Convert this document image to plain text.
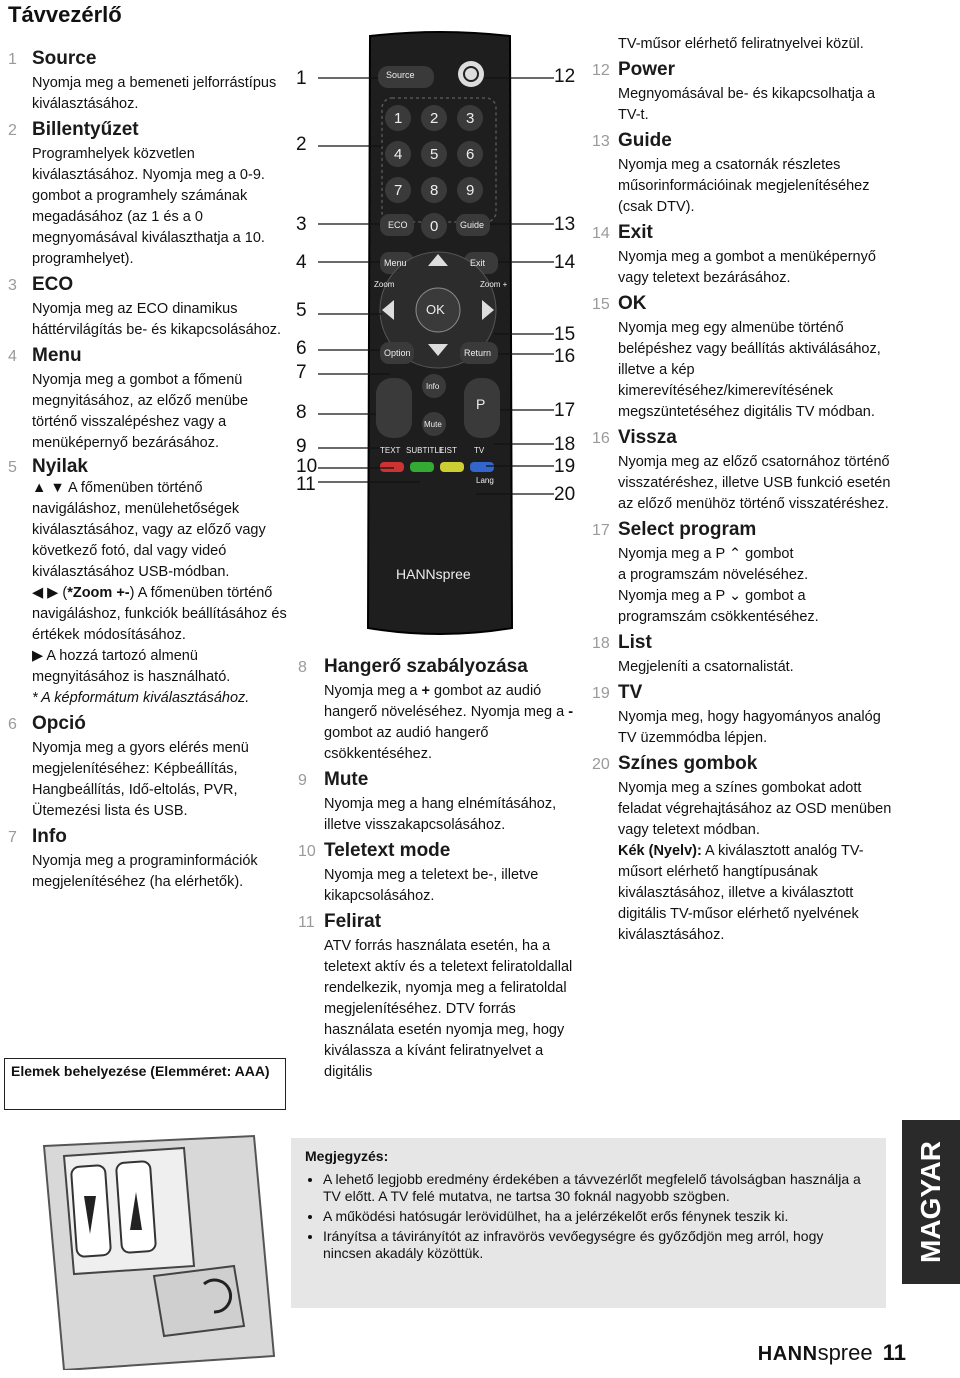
Távvezérlő
1 Source
Nyomja meg a bemeneti jelforrástípus kiválasztásához.
2 Billentyűzet
Programhelyek közvetlen kiválasztásához. Nyomja meg a 0-9. gombot a programhely számának megadásához (az 1 és a 0 megnyomásával kiválaszthatja a 10. programhelyet).
3 ECO
Nyomja meg az ECO dinamikus háttérvilágítás be- és kikapcsolásához.
4 Menu
Nyomja meg a gombot a főmenü megnyitásához, az előző menübe történő visszalépéshez vagy a menüképernyő bezárásához.
5 Nyilak
▲ ▼ A főmenüben történő navigáláshoz, menülehetőségek kiválasztásához, vagy az előző vagy következő fotó, dal vagy videó kiválasztásához USB-módban.
◀ ▶ (*Zoom +-) A főmenüben történő navigáláshoz, funkciók beállításához és értékek módosításához.
▶ A hozzá tartozó almenü megnyitásához is használható.
* A képformátum kiválasztásához.
6 Opció
Nyomja meg a gyors elérés menü megjelenítéséhez: Képbeállítás, Hangbeállítás, Idő-eltolás, PVR, Ütemezési lista és USB.
7 Info
Nyomja meg a programinformációk megjelenítéséhez (ha elérhetők).
Elemek behelyezése (Elemméret: AAA)
1
2
3
4
5
6
7
8
9
10
11
12
13
14
15
16
17
18
19
20
1 2 3
4 5 6
7 8 9
0
Source
ECO	Guide
Menu	Exit
Zoom	Zoom +
OK
Option	Return
Info
Mute
P
TEXT SUBTITLE
LIST TV
Lang
HANNspree
8 Hangerő szabályozása
Nyomja meg a + gombot az audió hangerő növeléséhez. Nyomja meg a - gombot az audió hangerő csökkentéséhez.
9 Mute
Nyomja meg a hang elnémításához, illetve visszakapcsolásához.
10 Teletext mode
Nyomja meg a teletext be-, illetve kikapcsolásához.
11 Felirat
ATV forrás használata esetén, ha a teletext aktív és a teletext feliratoldallal rendelkezik, nyomja meg a feliratoldal megjelenítéséhez. DTV forrás használata esetén nyomja meg, hogy kiválassza a kívánt feliratnyelvet a digitális
TV-műsor elérhető feliratnyelvei közül.
12 Power
Megnyomásával be- és kikapcsolhatja a TV-t.
13 Guide
Nyomja meg a csatornák részletes műsorinformációinak megjelenítéséhez (csak DTV).
14 Exit
Nyomja meg a gombot a menüképernyő vagy teletext bezárásához.
15 OK
Nyomja meg egy almenübe történő belépéshez vagy beállítás aktiválásához, illetve a kép kimerevítéséhez/kimerevítésének megszüntetéséhez digitális TV módban.
16 Vissza
Nyomja meg az előző csatornához történő visszatéréshez, illetve USB funkció esetén az előző menühöz történő visszatéréshez.
17 Select program
Nyomja meg a P ⌃ gombot
a programszám növeléséhez.
Nyomja meg a P ⌄ gombot a
programszám csökkentéséhez.
18 List
Megjeleníti a csatornalistát.
19 TV
Nyomja meg, hogy hagyományos analóg TV üzemmódba lépjen.
20 Színes gombok
Nyomja meg a színes gombokat adott feladat végrehajtásához az OSD menüben vagy teletext módban.
Kék (Nyelv): A kiválasztott analóg TV-műsort elérhető hangtípusának kiválasztásához, illetve a kiválasztott digitális TV-műsor elérhető nyelvének kiválasztásához.
Megjegyzés:
• A lehető legjobb eredmény érdekében a távvezérlőt megfelelő távolságban használja a TV előtt. A TV felé mutatva, ne tartsa 30 foknál nagyobb szögben.
• A működési hatósugár lerövidülhet, ha a jelérzékelőt erős fénynek teszik ki.
• Irányítsa a távirányítót az infravörös vevőegységre és győződjön meg arról, hogy nincsen akadály közöttük.	MAGYAR
HANNspree 11
